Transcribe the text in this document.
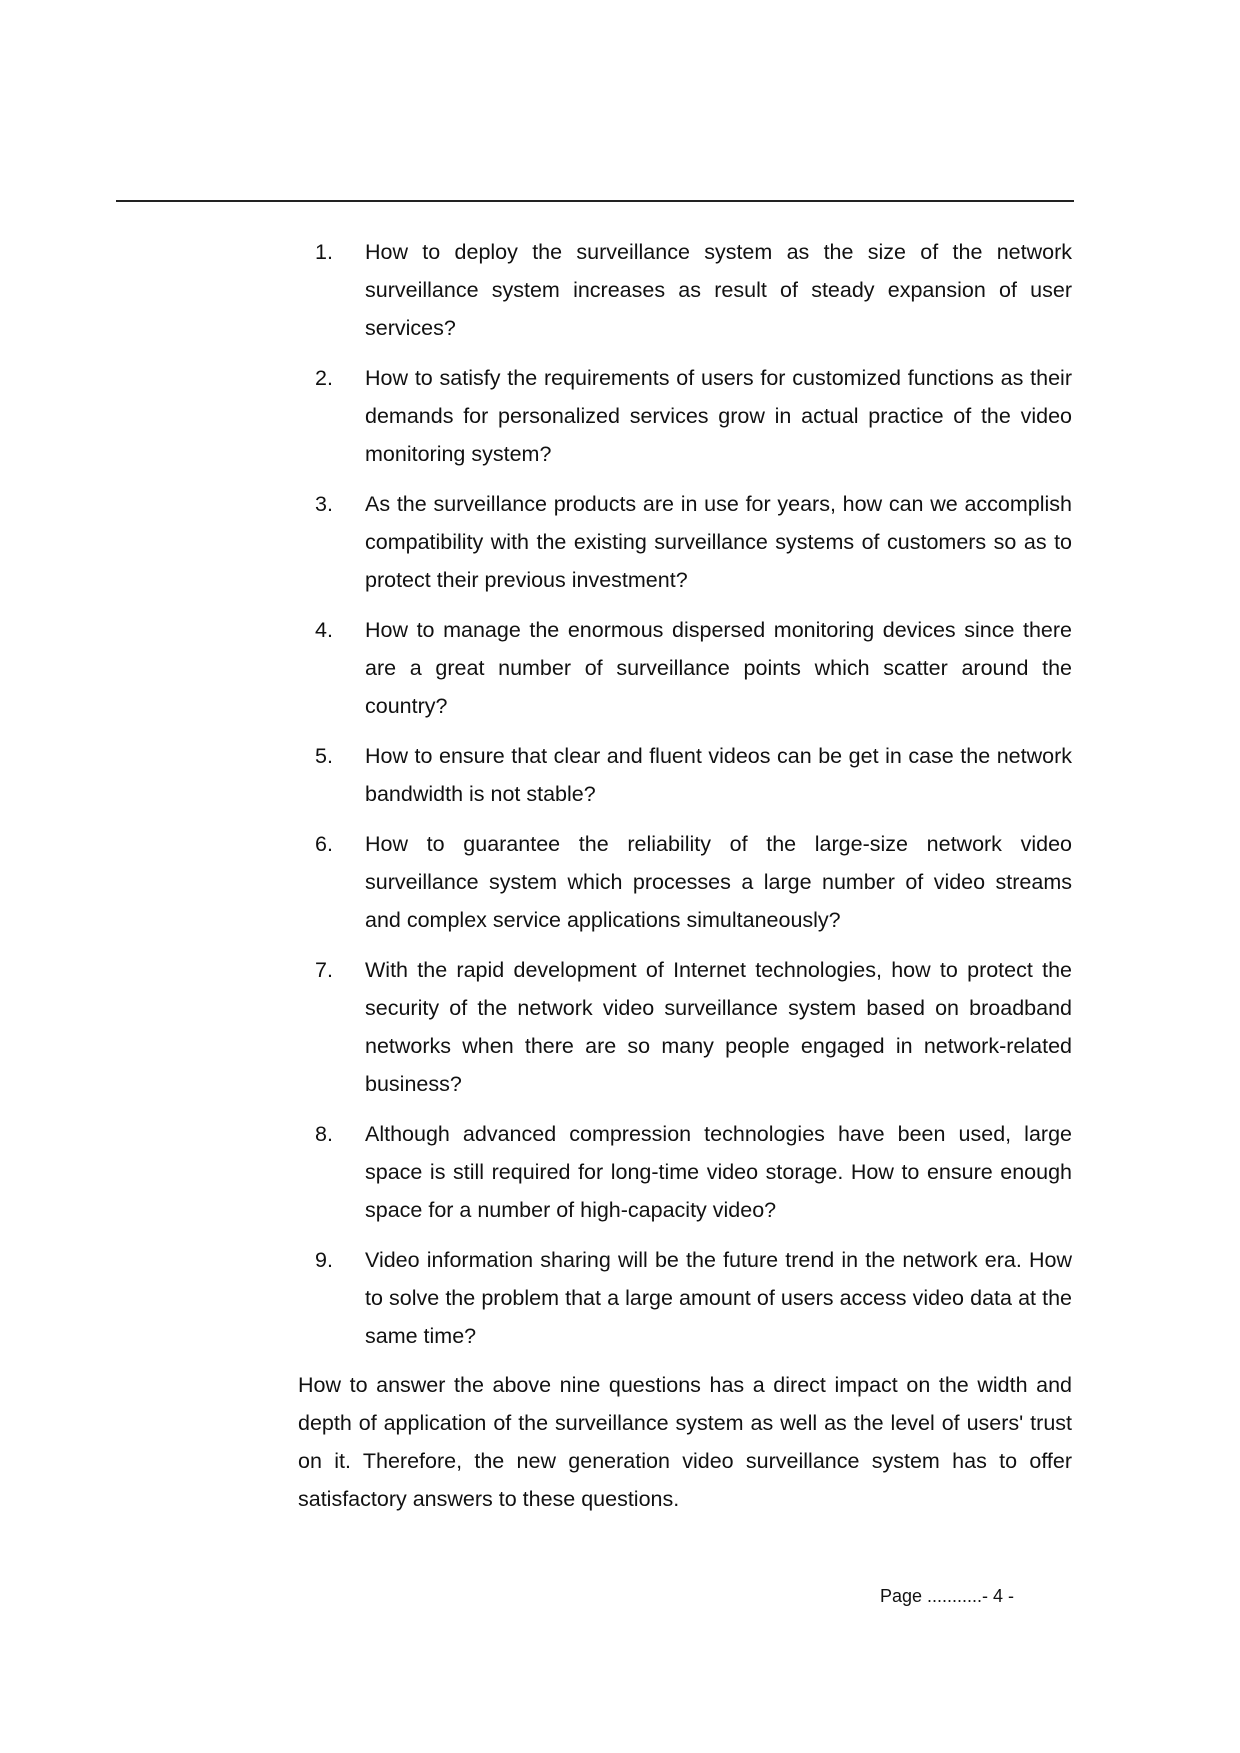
1. How to deploy the surveillance system as the size of the network surveillance system increases as result of steady expansion of user services?
2. How to satisfy the requirements of users for customized functions as their demands for personalized services grow in actual practice of the video monitoring system?
3. As the surveillance products are in use for years, how can we accomplish compatibility with the existing surveillance systems of customers so as to protect their previous investment?
4. How to manage the enormous dispersed monitoring devices since there are a great number of surveillance points which scatter around the country?
5. How to ensure that clear and fluent videos can be get in case the network bandwidth is not stable?
6. How to guarantee the reliability of the large-size network video surveillance system which processes a large number of video streams and complex service applications simultaneously?
7. With the rapid development of Internet technologies, how to protect the security of the network video surveillance system based on broadband networks when there are so many people engaged in network-related business?
8. Although advanced compression technologies have been used, large space is still required for long-time video storage. How to ensure enough space for a number of high-capacity video?
9. Video information sharing will be the future trend in the network era. How to solve the problem that a large amount of users access video data at the same time?

How to answer the above nine questions has a direct impact on the width and depth of application of the surveillance system as well as the level of users' trust on it. Therefore, the new generation video surveillance system has to offer satisfactory answers to these questions.

Page ...........- 4 -
